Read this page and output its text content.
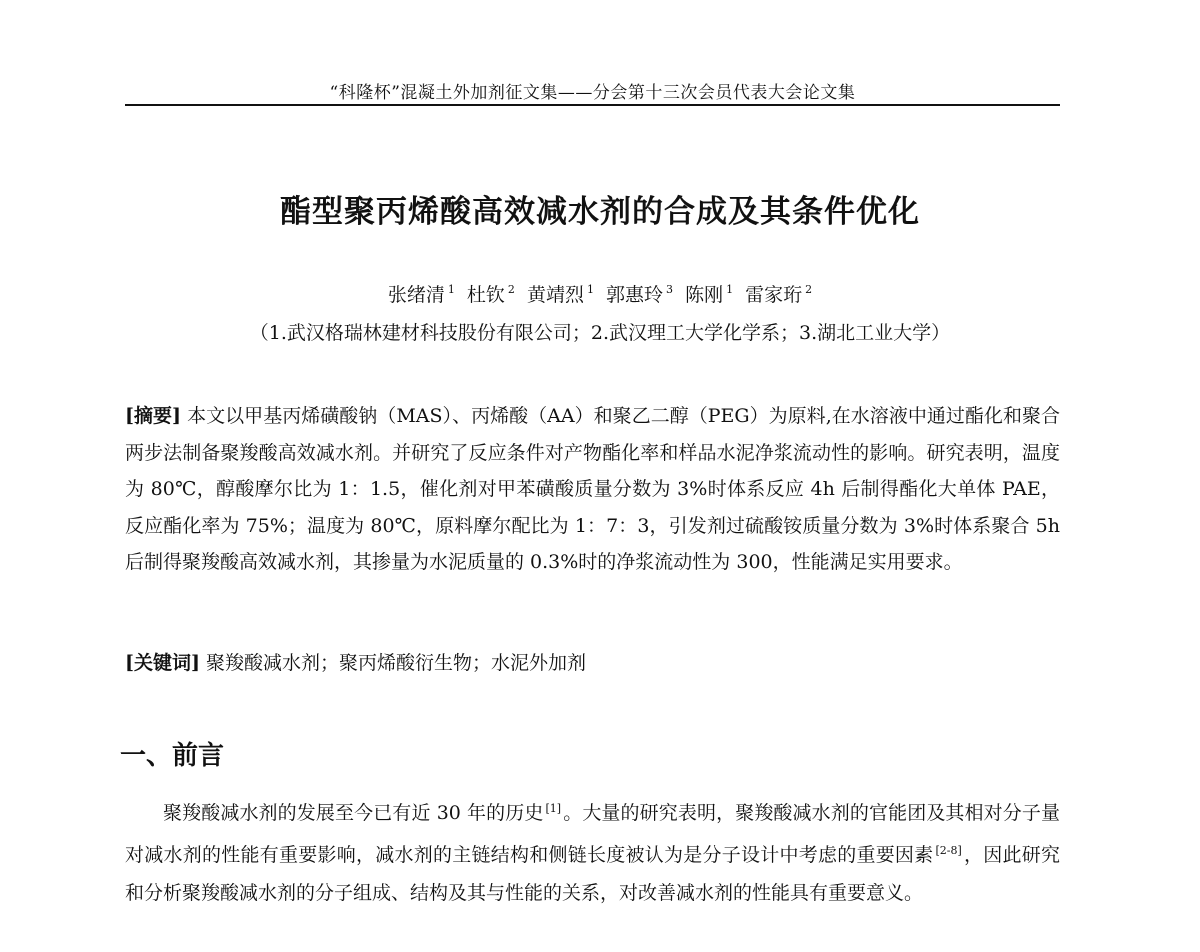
“科隆杯”混凝土外加剂征文集——分会第十三次会员代表大会论文集
酯型聚丙烯酸高效减水剂的合成及其条件优化
张绪清 $^1$ 杜钦 $^2$ 黄靖烈 $^1$ 郭惠玲 $^3$ 陈刚 $^1$ 雷家珩 $^2$
（1.武汉格瑞林建材科技股份有限公司；2.武汉理工大学化学系；3.湖北工业大学）
[摘要] 本文以甲基丙烯磺酸钠（MAS）、丙烯酸（AA）和聚乙二醇（PEG）为原料,在水溶液中通过酯化和聚合两步法制备聚羧酸高效减水剂。并研究了反应条件对产物酯化率和样品水泥净浆流动性的影响。研究表明，温度为 80℃，醇酸摩尔比为 1：1.5，催化剂对甲苯磺酸质量分数为 3%时体系反应 4h 后制得酯化大单体 PAE，反应酯化率为 75%；温度为 80℃，原料摩尔配比为 1：7：3，引发剂过硫酸铵质量分数为 3%时体系聚合 5h 后制得聚羧酸高效减水剂，其掺量为水泥质量的 0.3%时的净浆流动性为 300，性能满足实用要求。
[关键词] 聚羧酸减水剂；聚丙烯酸衍生物；水泥外加剂
一、前言
聚羧酸减水剂的发展至今已有近 30 年的历史 [1] 。大量的研究表明，聚羧酸减水剂的官能团及其相对分子量对减水剂的性能有重要影响，减水剂的主链结构和侧链长度被认为是分子设计中考虑的重要因素 [2-8] ，因此研究和分析聚羧酸减水剂的分子组成、结构及其与性能的关系，对改善减水剂的性能具有重要意义。
